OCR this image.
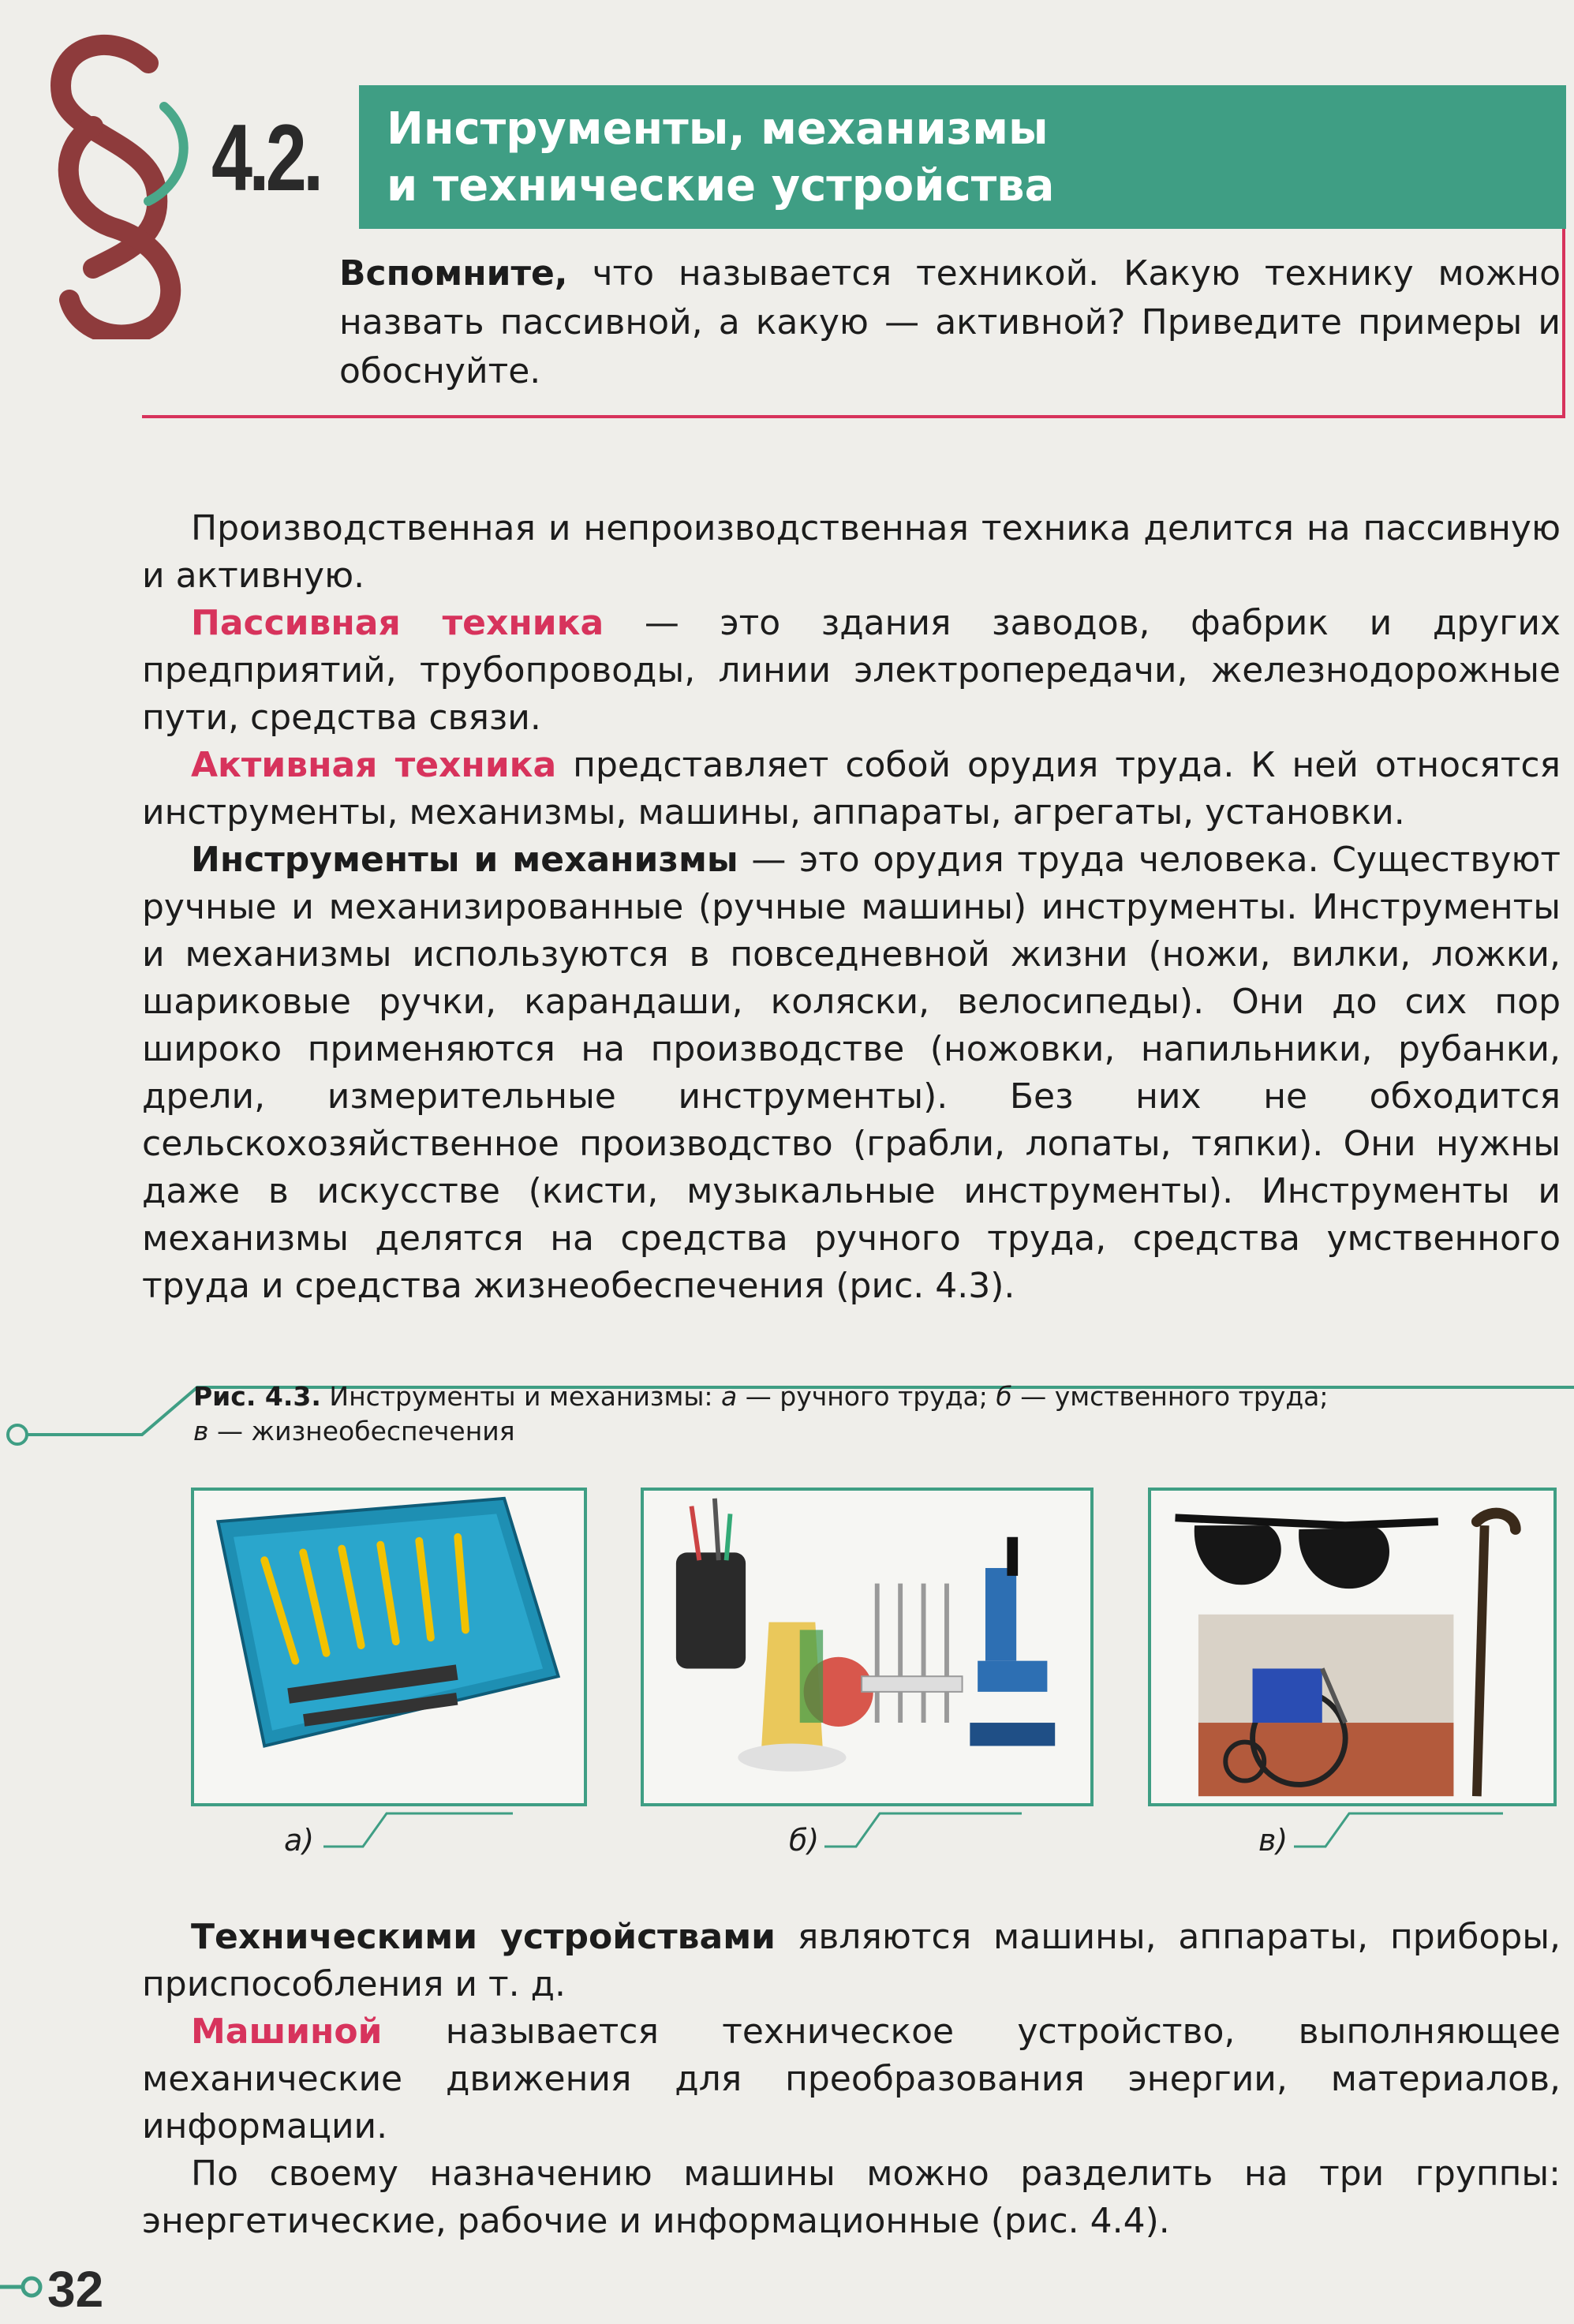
4.2. Инструменты, механизмы
и технические устройства
Вспомните, что называется техникой. Какую технику можно назвать пассивной, а какую — активной? Приведите примеры и обоснуйте.

Производственная и непроизводственная техника делится на пассивную и активную.

Пассивная техника — это здания заводов, фабрик и других предприятий, трубопроводы, линии электропередачи, железнодорожные пути, средства связи.

Активная техника представляет собой орудия труда. К ней относятся инструменты, механизмы, машины, аппараты, агрегаты, установки.

Инструменты и механизмы — это орудия труда человека. Существуют ручные и механизированные (ручные машины) инструменты. Инструменты и механизмы используются в повседневной жизни (ножи, вилки, ложки, шариковые ручки, карандаши, коляски, велосипеды). Они до сих пор широко применяются на производстве (ножовки, напильники, рубанки, дрели, измерительные инструменты). Без них не обходится сельскохозяйственное производство (грабли, лопаты, тяпки). Они нужны даже в искусстве (кисти, музыкальные инструменты). Инструменты и механизмы делятся на средства ручного труда, средства умственного труда и средства жизнеобеспечения (рис. 4.3).

Рис. 4.3. Инструменты и механизмы: а — ручного труда; б — умственного труда;
в — жизнеобеспечения
а)	б)	в)

Техническими устройствами являются машины, аппараты, приборы, приспособления и т. д.

Машиной называется техническое устройство, выполняющее механические движения для преобразования энергии, материалов, информации.

По своему назначению машины можно разделить на три группы: энергетические, рабочие и информационные (рис. 4.4).

32
